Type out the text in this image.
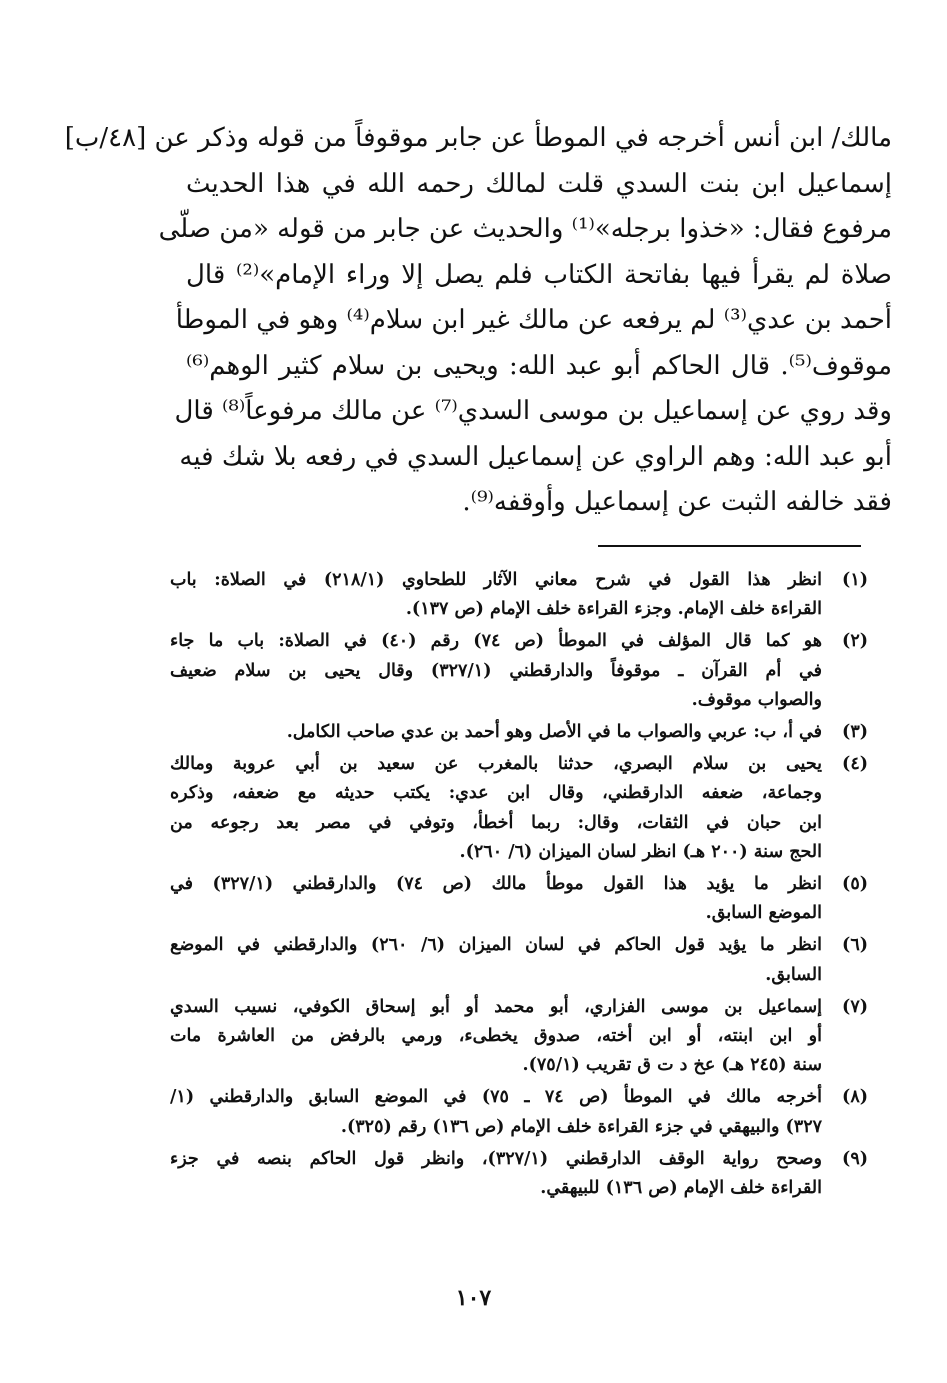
مالك/ ابن أنس أخرجه في الموطأ عن جابر موقوفاً من قوله وذكر عن [٤٨/ب]
إسماعيل ابن بنت السدي قلت لمالك رحمه الله في هذا الحديث
مرفوع فقال: «خذوا برجله»⁽¹⁾ والحديث عن جابر من قوله «من صلّى
صلاة لم يقرأ فيها بفاتحة الكتاب فلم يصل إلا وراء الإمام»⁽²⁾ قال
أحمد بن عدي⁽³⁾ لم يرفعه عن مالك غير ابن سلام⁽⁴⁾ وهو في الموطأ
موقوف⁽⁵⁾. قال الحاكم أبو عبد الله: ويحيى بن سلام كثير الوهم⁽⁶⁾
وقد روي عن إسماعيل بن موسى السدي⁽⁷⁾ عن مالك مرفوعاً⁽⁸⁾ قال
أبو عبد الله: وهم الراوي عن إسماعيل السدي في رفعه بلا شك فيه
فقد خالفه الثبت عن إسماعيل وأوقفه⁽⁹⁾.
(١)
انظر هذا القول في شرح معاني الآثار للطحاوي (٢١٨/١) في الصلاة: باب
القراءة خلف الإمام. وجزء القراءة خلف الإمام (ص ١٣٧).
(٢)
هو كما قال المؤلف في الموطأ (ص ٧٤) رقم (٤٠) في الصلاة: باب ما جاء
في أم القرآن ـ موقوفاً والدارقطني (٣٢٧/١) وقال يحيى بن سلام ضعيف
والصواب موقوف.
(٣)
في أ، ب: عربي والصواب ما في الأصل وهو أحمد بن عدي صاحب الكامل.
(٤)
يحيى بن سلام البصري، حدثنا بالمغرب عن سعيد بن أبي عروبة ومالك
وجماعة، ضعفه الدارقطني، وقال ابن عدي: يكتب حديثه مع ضعفه، وذكره
ابن حبان في الثقات، وقال: ربما أخطأ، وتوفي في مصر بعد رجوعه من
الحج سنة (٢٠٠ هـ) انظر لسان الميزان (٦/ ٢٦٠).
(٥)
انظر ما يؤيد هذا القول موطأ مالك (ص ٧٤) والدارقطني (٣٢٧/١) في
الموضع السابق.
(٦)
انظر ما يؤيد قول الحاكم في لسان الميزان (٦/ ٢٦٠) والدارقطني في الموضع
السابق.
(٧)
إسماعيل بن موسى الفزاري، أبو محمد أو أبو إسحاق الكوفي، نسيب السدي
أو ابن ابنته، أو ابن أخته، صدوق يخطىء، ورمي بالرفض من العاشرة مات
سنة (٢٤٥ هـ) عخ د ت ق تقريب (٧٥/١).
(٨)
أخرجه مالك في الموطأ (ص ٧٤ ـ ٧٥) في الموضع السابق والدارقطني (١/
٣٢٧) والبيهقي في جزء القراءة خلف الإمام (ص ١٣٦) رقم (٣٢٥).
(٩)
وصحح رواية الوقف الدارقطني (٣٢٧/١)، وانظر قول الحاكم بنصه في جزء
القراءة خلف الإمام (ص ١٣٦) للبيهقي.
١٠٧
